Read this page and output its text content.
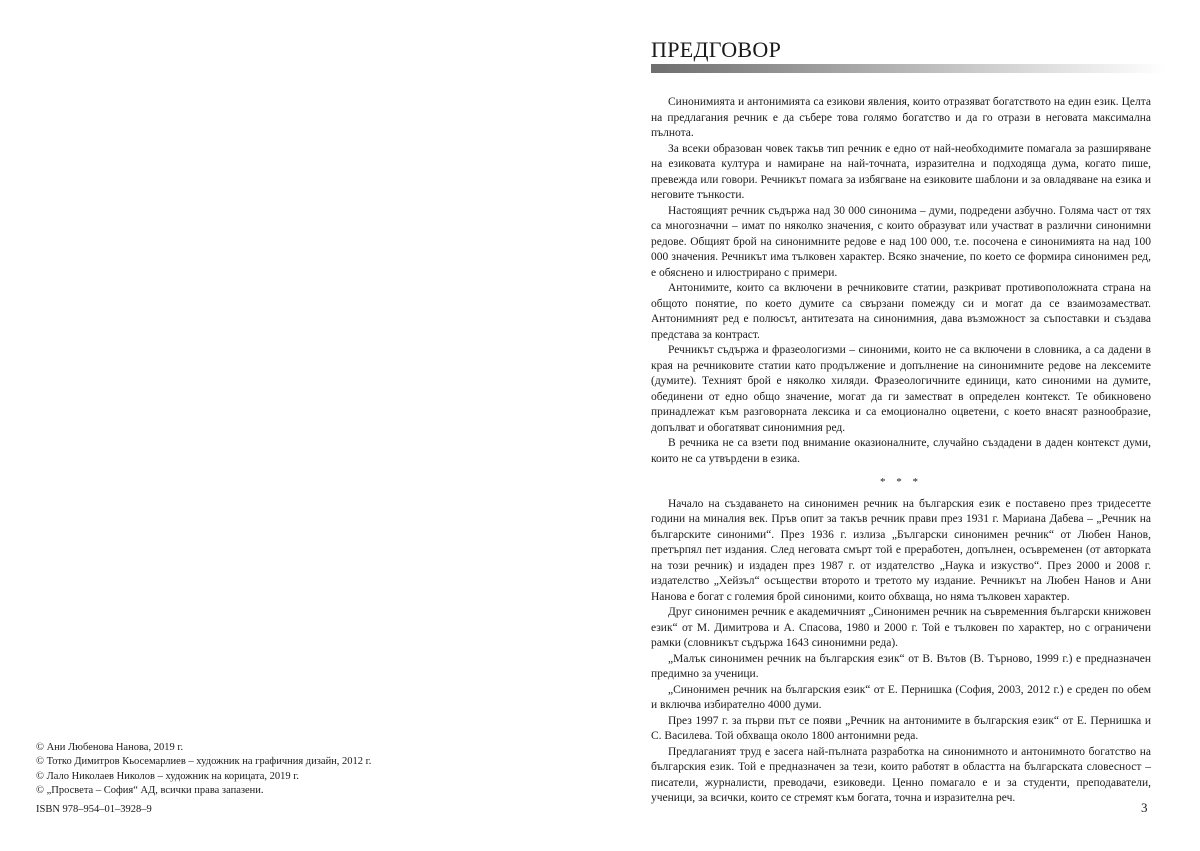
© Ани Любенова Нанова, 2019 г.
© Тотко Димитров Кьосемарлиев – художник на графичния дизайн, 2012 г.
© Лало Николаев Николов – художник на корицата, 2019 г.
© „Просвета – София“ АД, всички права запазени.
ISBN 978–954–01–3928–9
ПРЕДГОВОР

Синонимията и антонимията са езикови явления, които отразяват богатството на един език. Целта на предлагания речник е да събере това голямо богатство и да го отрази в неговата максимална пълнота.

За всеки образован човек такъв тип речник е едно от най-необходимите помагала за разширяване на езиковата култура и намиране на най-точната, изразителна и подходяща дума, когато пише, превежда или говори. Речникът помага за избягване на езиковите шаблони и за овладяване на езика и неговите тънкости.

Настоящият речник съдържа над 30 000 синонима – думи, подредени азбучно. Голяма част от тях са многозначни – имат по няколко значения, с които образуват или участват в различни синонимни редове. Общият брой на синонимните редове е над 100 000, т.е. посочена е синонимията на над 100 000 значения. Речникът има тълковен характер. Всяко значение, по което се формира синонимен ред, е обяснено и илюстрирано с примери.

Антонимите, които са включени в речниковите статии, разкриват противоположната страна на общото понятие, по което думите са свързани помежду си и могат да се взаимозаместват. Антонимният ред е полюсът, антитезата на синонимния, дава възможност за съпоставки и създава представа за контраст.

Речникът съдържа и фразеологизми – синоними, които не са включени в словника, а са дадени в края на речниковите статии като продължение и допълнение на синонимните редове на лексемите (думите). Техният брой е няколко хиляди. Фразеологичните единици, като синоними на думите, обединени от едно общо значение, могат да ги заместват в определен контекст. Те обикновено принадлежат към разговорната лексика и са емоционално оцветени, с което внасят разнообразие, допълват и обогатяват синонимния ред.

В речника не са взети под внимание оказионалните, случайно създадени в даден контекст думи, които не са утвърдени в езика.

* * *

Начало на създаването на синонимен речник на българския език е поставено през тридесетте години на миналия век. Пръв опит за такъв речник прави през 1931 г. Мариана Дабева – „Речник на българските синоними“. През 1936 г. излиза „Български синонимен речник“ от Любен Нанов, претърпял пет издания. След неговата смърт той е преработен, допълнен, осъвременен (от авторката на този речник) и издаден през 1987 г. от издателство „Наука и изкуство“. През 2000 и 2008 г. издателство „Хейзъл“ осъществи второто и третото му издание. Речникът на Любен Нанов и Ани Нанова е богат с големия брой синоними, които обхваща, но няма тълковен характер.

Друг синонимен речник е академичният „Синонимен речник на съвременния български книжовен език“ от М. Димитрова и А. Спасова, 1980 и 2000 г. Той е тълковен по характер, но с ограничени рамки (словникът съдържа 1643 синонимни реда).

„Малък синонимен речник на българския език“ от В. Вътов (В. Търново, 1999 г.) е предназначен предимно за ученици.

„Синонимен речник на българския език“ от Е. Пернишка (София, 2003, 2012 г.) е среден по обем и включва избирателно 4000 думи.

През 1997 г. за първи път се появи „Речник на антонимите в българския език“ от Е. Пернишка и С. Василева. Той обхваща около 1800 антонимни реда.

Предлаганият труд е засега най-пълната разработка на синонимното и антонимното богатство на българския език. Той е предназначен за тези, които работят в областта на българската словесност – писатели, журналисти, преводачи, езиковеди. Ценно помагало е и за студенти, преподаватели, ученици, за всички, които се стремят към богата, точна и изразителна реч.

3
